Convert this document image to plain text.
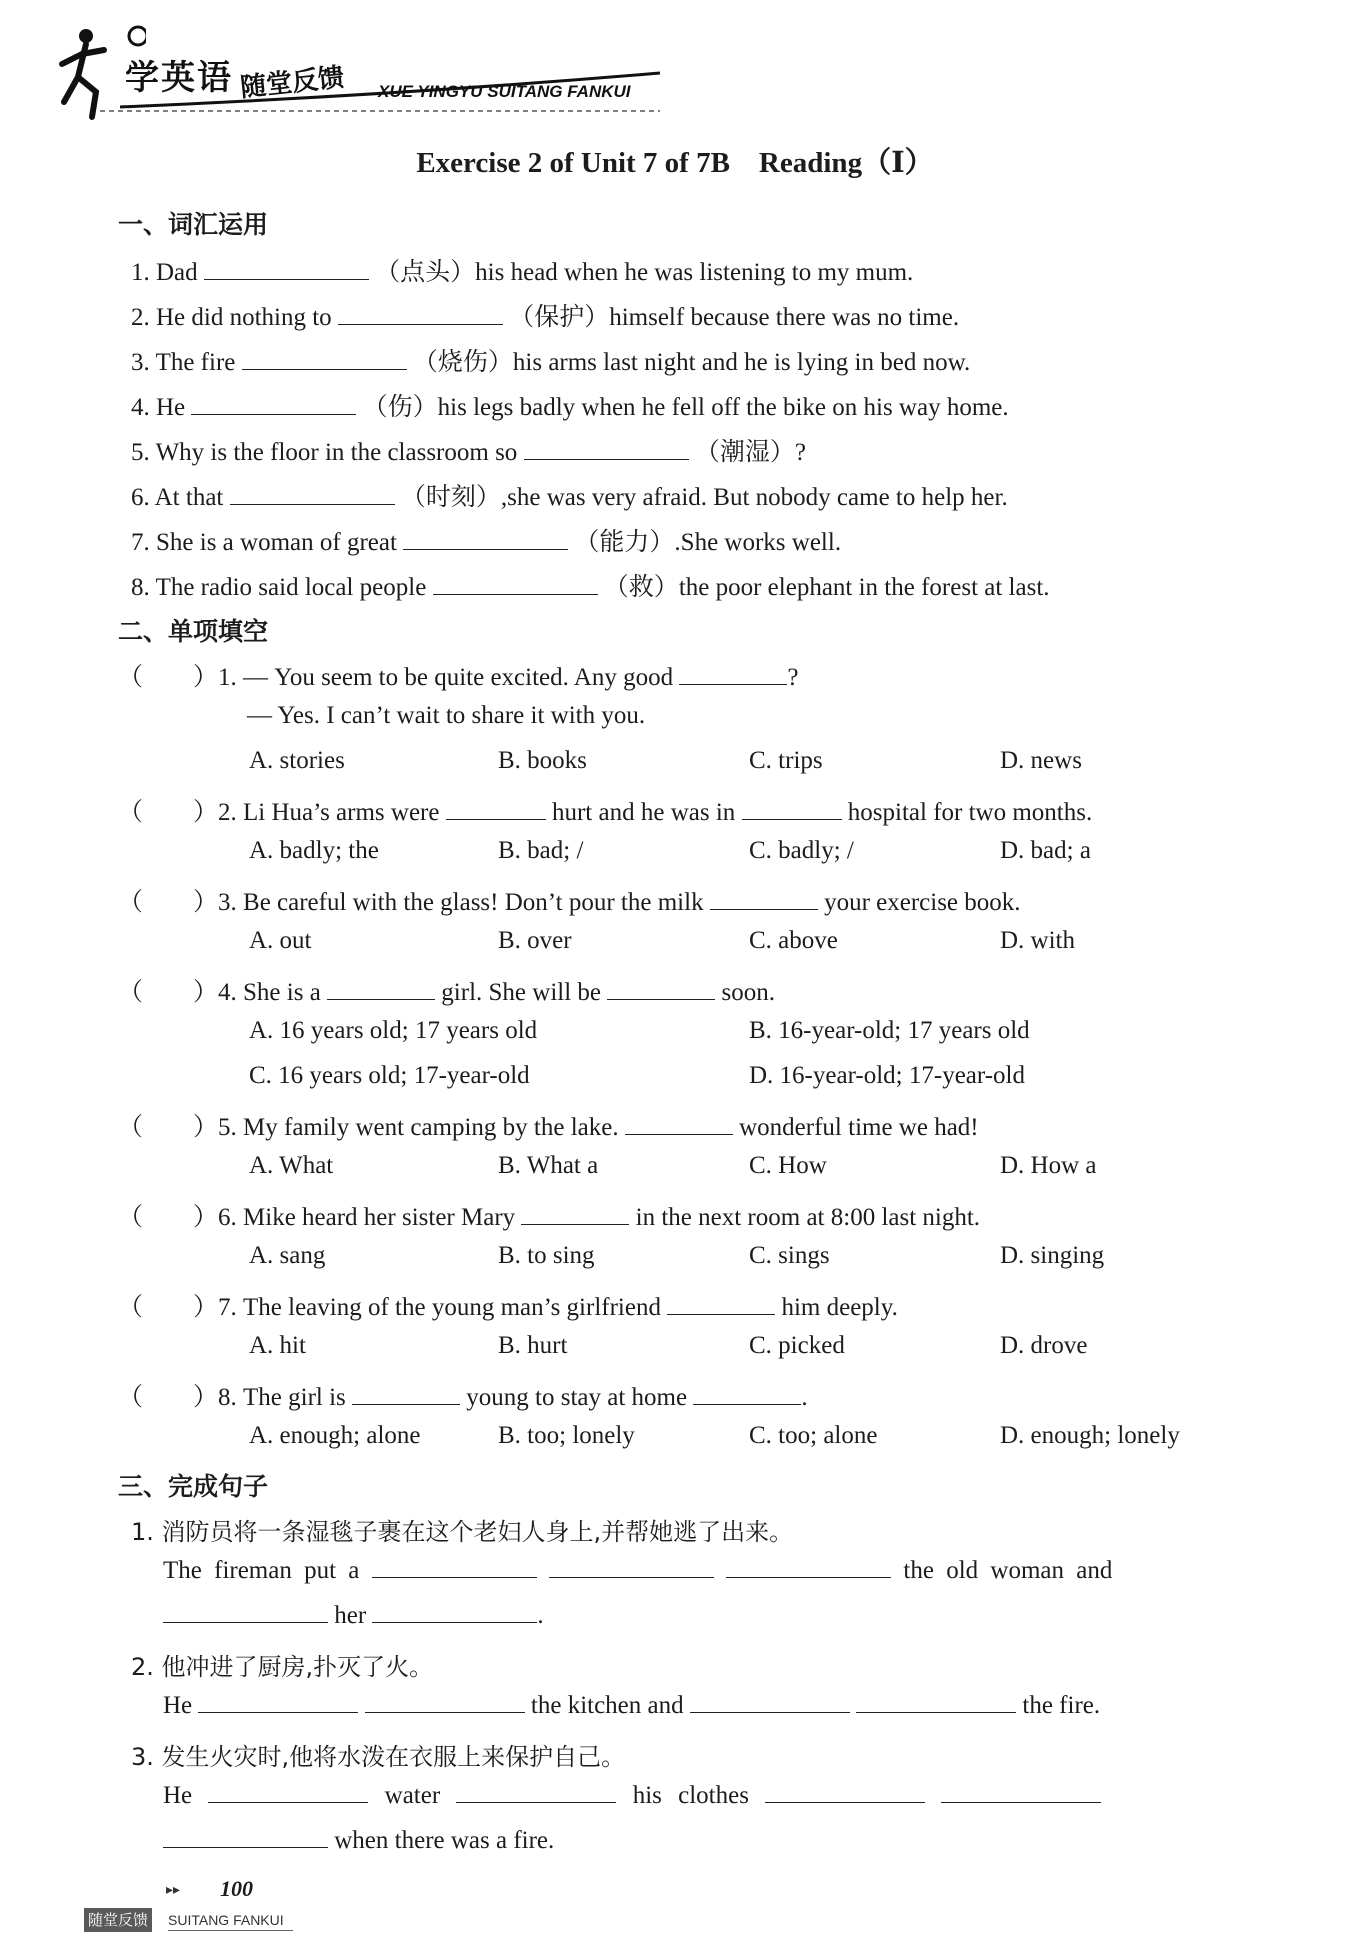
学英语 随堂反馈 XUE YINGYU SUITANG FANKUI
Exercise 2 of Unit 7 of 7B　Reading（Ⅰ）
一、词汇运用
1. Dad	（点头）his head when he was listening to my mum.
2. He did nothing to	（保护）himself because there was no time.
3. The fire	（烧伤）his arms last night and he is lying in bed now.
4. He	（伤）his legs badly when he fell off the bike on his way home.
5. Why is the floor in the classroom so	（潮湿）?
6. At that	（时刻）,she was very afraid. But nobody came to help her.
7. She is a woman of great	（能力）.She works well.
8. The radio said local people	（救）the poor elephant in the forest at last.
二、单项填空
（　　）1. — You seem to be quite excited. Any good	?
— Yes. I can’t wait to share it with you.
A. stories	B. books	C. trips	D. news
（　　）2. Li Hua’s arms were	hurt and he was in	hospital for two months.
A. badly; the	B. bad; /	C. badly; /	D. bad; a
（　　）3. Be careful with the glass! Don’t pour the milk	your exercise book.
A. out	B. over	C. above	D. with
（　　）4. She is a	girl. She will be	soon.
A. 16 years old; 17 years old	B. 16-year-old; 17 years old
C. 16 years old; 17-year-old	D. 16-year-old; 17-year-old
（　　）5. My family went camping by the lake.	wonderful time we had!
A. What	B. What a	C. How	D. How a
（　　）6. Mike heard her sister Mary	in the next room at 8:00 last night.
A. sang	B. to sing	C. sings	D. singing
（　　）7. The leaving of the young man’s girlfriend	him deeply.
A. hit	B. hurt	C. picked	D. drove
（　　）8. The girl is	young to stay at home	.
A. enough; alone	B. too; lonely	C. too; alone	D. enough; lonely
三、完成句子
1. 消防员将一条湿毯子裹在这个老妇人身上,并帮她逃了出来。
The fireman put a	the old woman and
her	.
2. 他冲进了厨房,扑灭了火。
He	the kitchen and	the fire.
3. 发生火灾时,他将水泼在衣服上来保护自己。
He	water	his clothes
when there was a fire.
▸▸ 100
随堂反馈 SUITANG FANKUI
